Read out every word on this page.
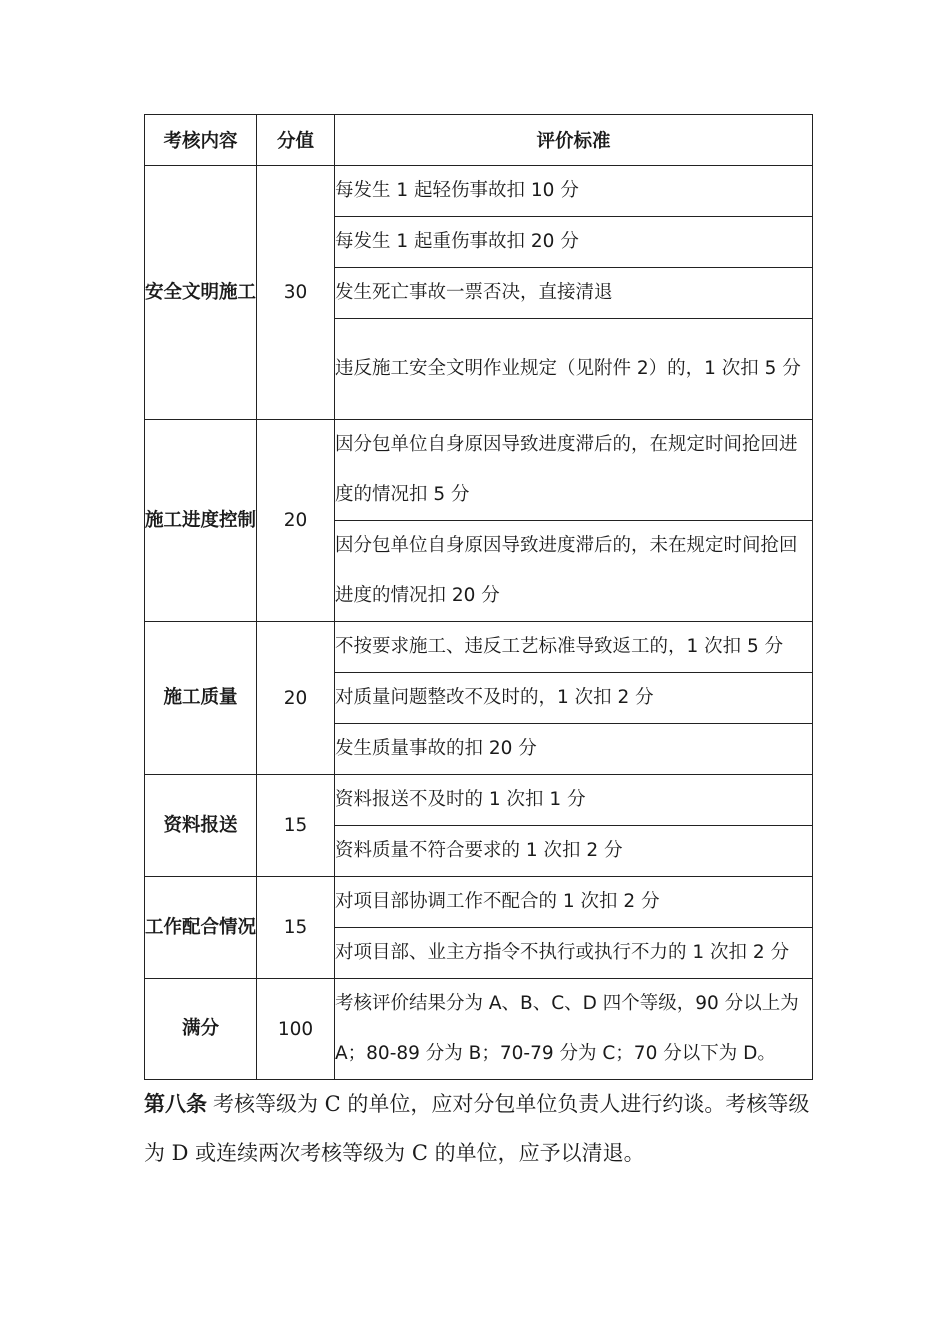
考核内容	分值	评价标准
安全文明施工	30	每发生 1 起轻伤事故扣 10 分
		每发生 1 起重伤事故扣 20 分
		发生死亡事故一票否决，直接清退
		违反施工安全文明作业规定（见附件 2）的，1 次扣 5 分
施工进度控制	20	因分包单位自身原因导致进度滞后的，在规定时间抢回进度的情况扣 5 分
		因分包单位自身原因导致进度滞后的，未在规定时间抢回进度的情况扣 20 分
施工质量	20	不按要求施工、违反工艺标准导致返工的，1 次扣 5 分
		对质量问题整改不及时的，1 次扣 2 分
		发生质量事故的扣 20 分
资料报送	15	资料报送不及时的 1 次扣 1 分
		资料质量不符合要求的 1 次扣 2 分
工作配合情况	15	对项目部协调工作不配合的 1 次扣 2 分
		对项目部、业主方指令不执行或执行不力的 1 次扣 2 分
满分	100	考核评价结果分为 A、B、C、D 四个等级，90 分以上为 A；80-89 分为 B；70-79 分为 C；70 分以下为 D。
第八条 考核等级为 C 的单位，应对分包单位负责人进行约谈。考核等级为 D 或连续两次考核等级为 C 的单位，应予以清退。
